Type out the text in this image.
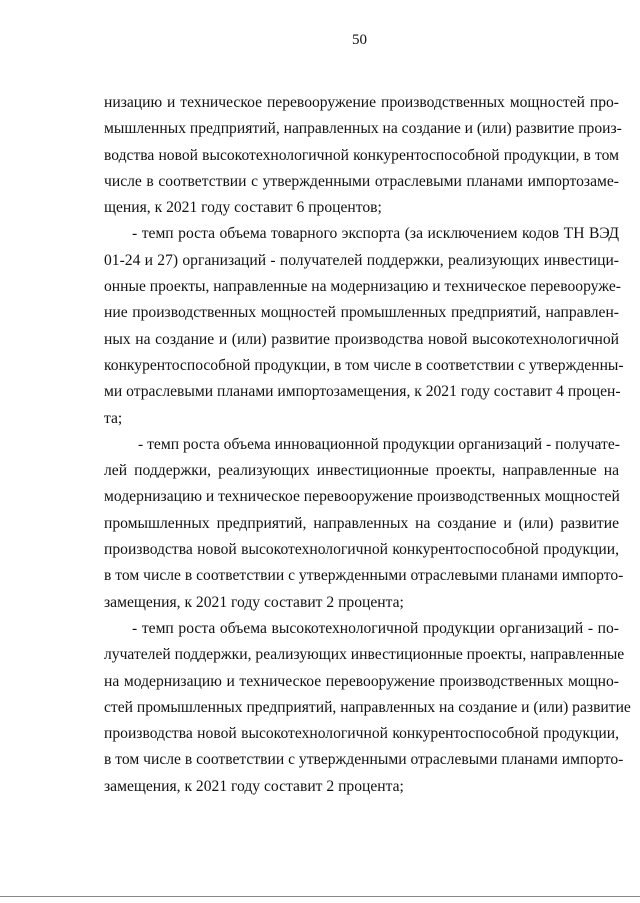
50
низацию и техническое перевооружение производственных мощностей про-
мышленных предприятий, направленных на создание и (или) развитие произ-
водства новой высокотехнологичной конкурентоспособной продукции, в том
числе в соответствии с утвержденными отраслевыми планами импортозаме-
щения, к 2021 году составит 6 процентов;
- темп роста объема товарного экспорта (за исключением кодов ТН ВЭД
01-24 и 27) организаций - получателей поддержки, реализующих инвестици-
онные проекты, направленные на модернизацию и техническое перевооруже-
ние производственных мощностей промышленных предприятий, направлен-
ных на создание и (или) развитие производства новой высокотехнологичной
конкурентоспособной продукции, в том числе в соответствии с утвержденны-
ми отраслевыми планами импортозамещения, к 2021 году составит 4 процен-
та;
- темп роста объема инновационной продукции организаций - получате-
лей поддержки, реализующих инвестиционные проекты, направленные на
модернизацию и техническое перевооружение производственных мощностей
промышленных предприятий, направленных на создание и (или) развитие
производства новой высокотехнологичной конкурентоспособной продукции,
в том числе в соответствии с утвержденными отраслевыми планами импорто-
замещения, к 2021 году составит 2 процента;
- темп роста объема высокотехнологичной продукции организаций - по-
лучателей поддержки, реализующих инвестиционные проекты, направленные
на модернизацию и техническое перевооружение производственных мощно-
стей промышленных предприятий, направленных на создание и (или) развитие
производства новой высокотехнологичной конкурентоспособной продукции,
в том числе в соответствии с утвержденными отраслевыми планами импорто-
замещения, к 2021 году составит 2 процента;
